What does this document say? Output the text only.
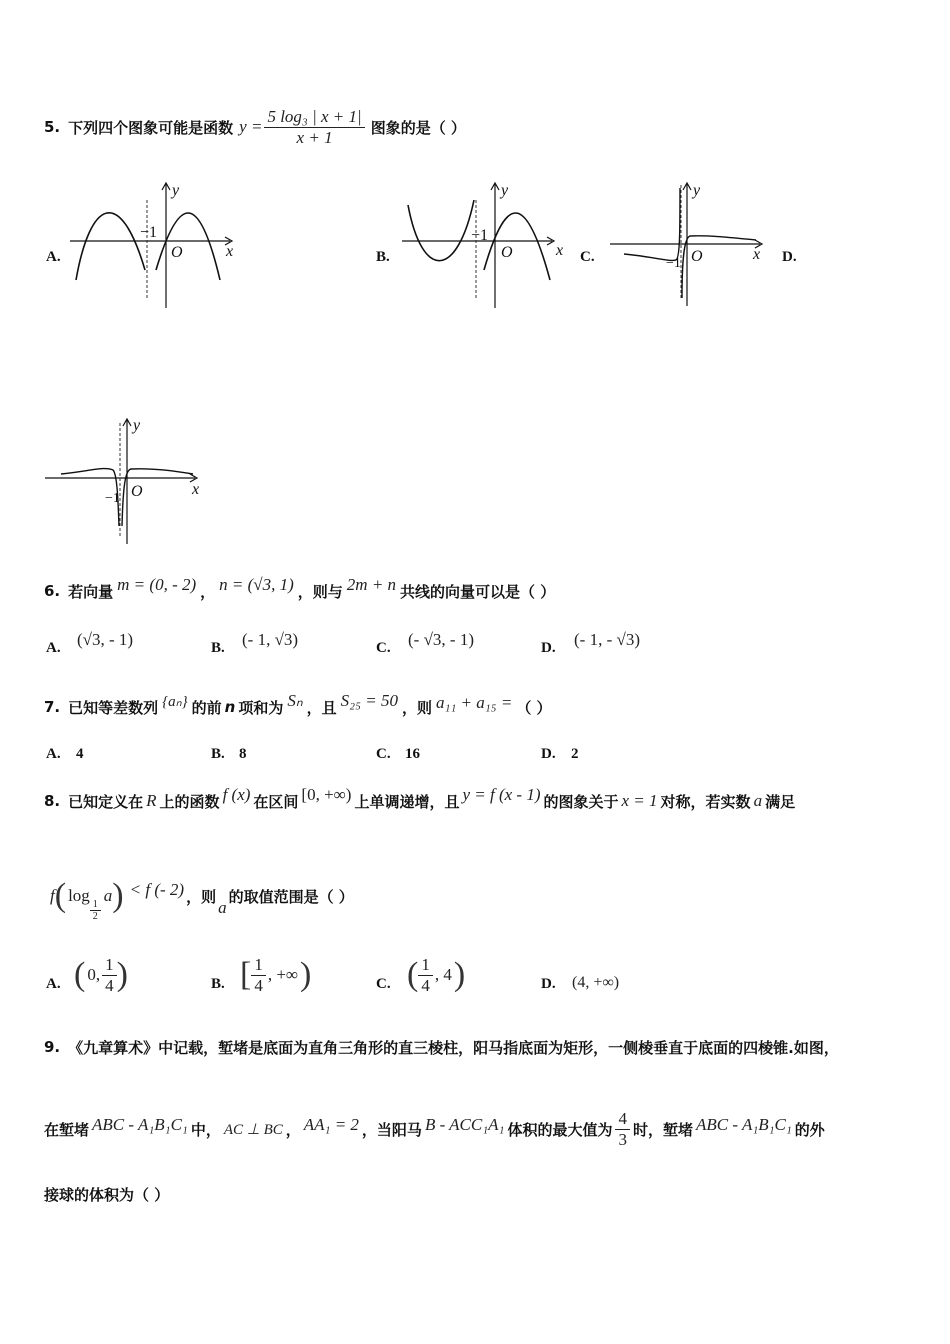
5. 下列四个图象可能是函数 $y = \frac{\text{5 log₃ | x + 1|}}{x + 1}$ 图象的是（ ）
A.	B.	C.	D.
y
x
O
−1
y
x
O
−1
y
x
O
−1
y
x
O
−1
6. 若向量 m = (0, - 2) ， n = (√3, 1) ，则与 2m + n 共线的向量可以是（ ）
A. (√3, - 1)	B. (- 1, √3)	C. (- √3, - 1)	D. (- 1, - √3)
7. 已知等差数列 {aₙ} 的前 n 项和为 Sₙ ，且 S₂₅ = 50 ，则 a₁₁ + a₁₅ = （ ）
A. 4	B. 8	C. 16	D. 2
8. 已知定义在 R 上的函数 f (x) 在区间 [0, +∞) 上单调递增，且 y = f (x - 1) 的图象关于 x = 1 对称，若实数 a 满足
f ( log
$\frac{1}{2}$
a ) < f (- 2) ，则
a
的取值范围是（ ）
A. ( 0, $\frac{1}{4}$ )	B. [ $\frac{1}{4}$ , +∞ )	C. ( $\frac{1}{4}$ , 4 )	D. (4, +∞)
9. 《九章算术》中记载，堑堵是底面为直角三角形的直三棱柱，阳马指底面为矩形，一侧棱垂直于底面的四棱锥.如图，
在堑堵 ABC - A₁B₁C₁ 中， AC ⊥ BC ， AA₁ = 2 ，当阳马 B - ACC₁A₁ 体积的最大值为 $\frac{4}{3}$ 时，堑堵 ABC - A₁B₁C₁ 的外
接球的体积为（ ）
